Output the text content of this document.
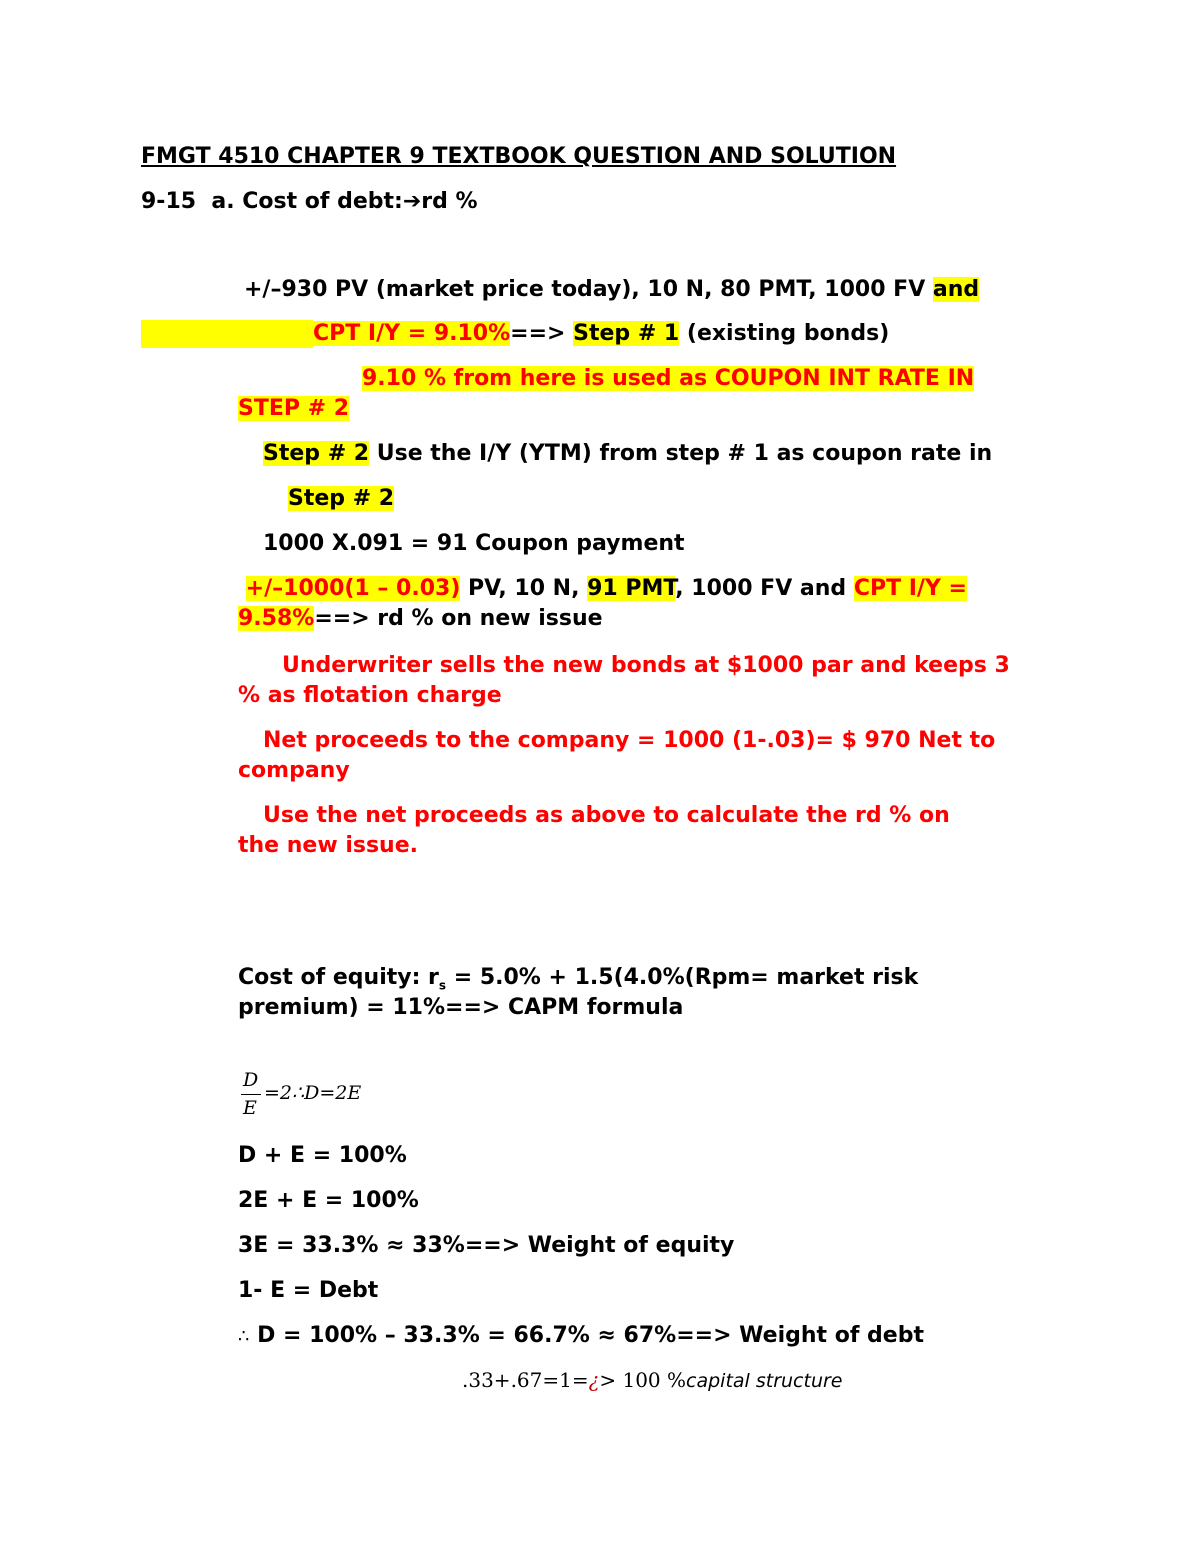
FMGT 4510 CHAPTER 9 TEXTBOOK QUESTION AND SOLUTION
9-15 a. Cost of debt:➔rd %
+/–930 PV (market price today), 10 N, 80 PMT, 1000 FV and
CPT I/Y = 9.10%==> Step # 1 (existing bonds)
9.10 % from here is used as COUPON INT RATE IN
STEP # 2
Step # 2 Use the I/Y (YTM) from step # 1 as coupon rate in
Step # 2
1000 X.091 = 91 Coupon payment
+/–1000(1 – 0.03) PV, 10 N, 91 PMT, 1000 FV and CPT I/Y =
9.58%==> rd % on new issue
Underwriter sells the new bonds at $1000 par and keeps 3
% as flotation charge
Net proceeds to the company = 1000 (1-.03)= $ 970 Net to
company
Use the net proceeds as above to calculate the rd % on
the new issue.
Cost of equity: $r_s = 5.0\% + 1.5(4.0\%(Rpm=$ market risk
premium) = 11%==> CAPM formula
D
E
=2∴D=2E
D + E = 100%
2E + E = 100%
3E = 33.3% ≈ 33%==> Weight of equity
1- E = Debt
∴ D = 100% – 33.3% = 66.7% ≈ 67%==> Weight of debt
.33+.67=1=¿> 100 %capital structure
